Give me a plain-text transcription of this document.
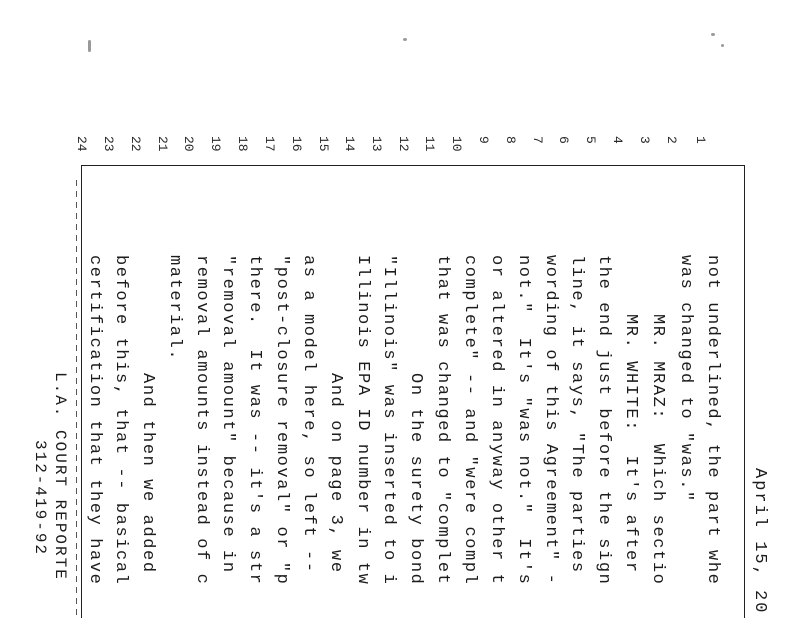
April 15, 20
L.A. COURT REPORTE
312-419-92
1
2
3
4
5
6
7
8
9
10
11
12
13
14
15
16
17
18
19
20
21
22
23
24
not underlined, the part whe
was changed to "was."
MR. MRAZ:  Which sectio
MR. WHITE:  It's after
the end just before the sign
line, it says, "The parties
wording of this Agreement" -
not."  It's "was not."  It's
or altered in anyway other t
complete" -- and "were compl
that was changed to "complet
On the surety bond
"Illinois" was inserted to i
Illinois EPA ID number in tw
And on page 3, we
as a model here, so left --
"post-closure removal" or "p
there.  It was -- it's a str
"removal amount" because in
removal amounts instead of c
material.
And then we added
before this, that -- basical
certification that they have
